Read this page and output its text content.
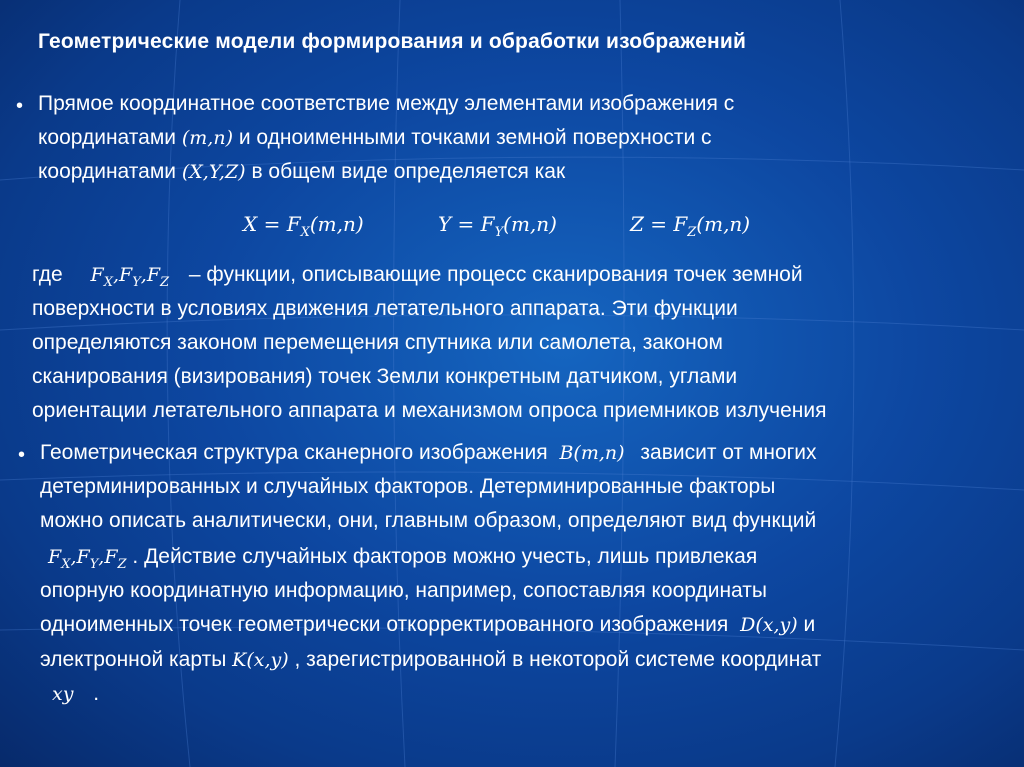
Геометрические модели формирования и обработки изображений
• Прямое координатное соответствие между элементами изображения с
координатами (m,n) и одноименными точками земной поверхности с
координатами (X,Y,Z) в общем виде определяется как
$X = F_X(m,n)$	$Y = F_Y(m,n)$	$Z = F_Z(m,n)$
где $F_X,F_Y,F_Z$ – функции, описывающие процесс сканирования точек земной
поверхности в условиях движения летательного аппарата. Эти функции
определяются законом перемещения спутника или самолета, законом
сканирования (визирования) точек Земли конкретным датчиком, углами
ориентации летательного аппарата и механизмом опроса приемников излучения
• Геометрическая структура сканерного изображения B(m,n) зависит от многих
детерминированных и случайных факторов. Детерминированные факторы
можно описать аналитически, они, главным образом, определяют вид функций
$F_X,F_Y,F_Z$ . Действие случайных факторов можно учесть, лишь привлекая
опорную координатную информацию, например, сопоставляя координаты
одноименных точек геометрически откорректированного изображения D(x,y) и
электронной карты K(x,y) , зарегистрированной в некоторой системе координат
xy .
